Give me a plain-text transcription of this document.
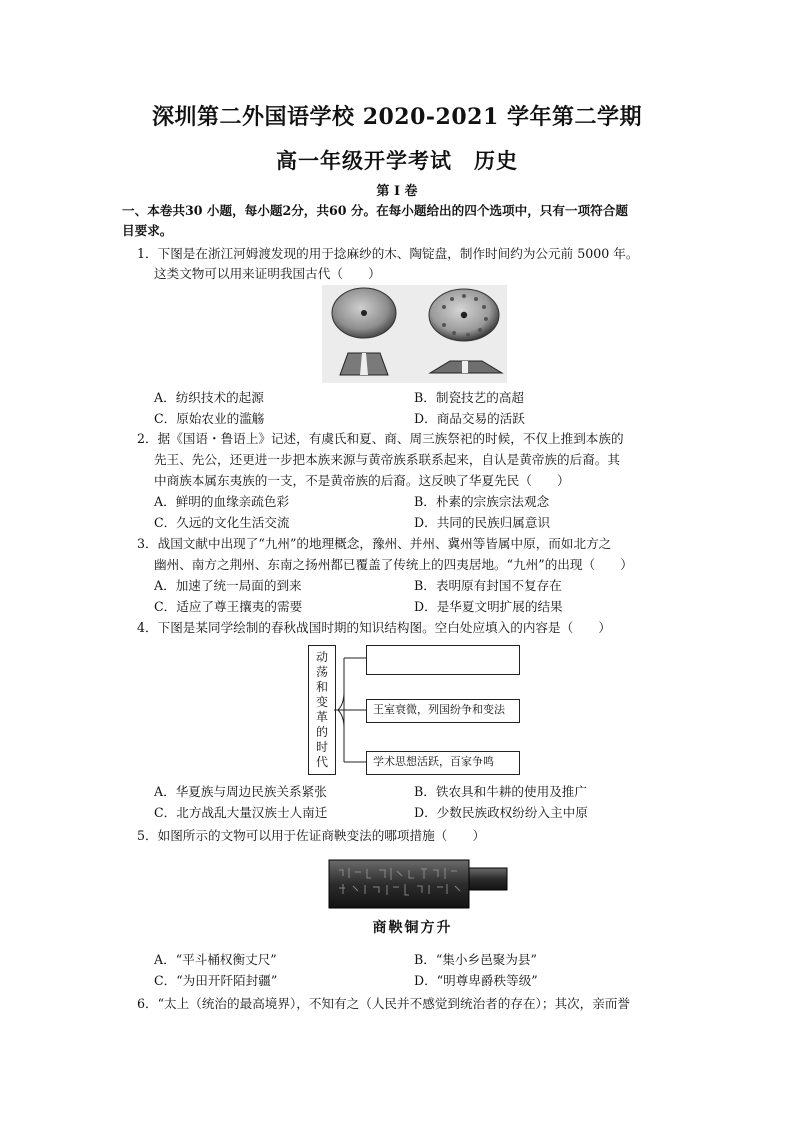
深圳第二外国语学校 2020-2021 学年第二学期
高一年级开学考试　历史
第 I 卷
一、本卷共30 小题，每小题2分，共60 分。在每小题给出的四个选项中，只有一项符合题
目要求。
1．下图是在浙江河姆渡发现的用于捻麻纱的木、陶锭盘，制作时间约为公元前 5000 年。
这类文物可以用来证明我国古代（　　）
A．纺织技术的起源	B．制瓷技艺的高超
C．原始农业的滥觞	D．商品交易的活跃
2．据《国语・鲁语上》记述，有虞氏和夏、商、周三族祭祀的时候，不仅上推到本族的
先王、先公，还更进一步把本族来源与黄帝族系联系起来，自认是黄帝族的后裔。其
中商族本属东夷族的一支，不是黄帝族的后裔。这反映了华夏先民（　　）
A．鲜明的血缘亲疏色彩	B．朴素的宗族宗法观念
C．久远的文化生活交流	D．共同的民族归属意识
3．战国文献中出现了“九州”的地理概念，豫州、并州、冀州等皆属中原，而如北方之
幽州、南方之荆州、东南之扬州都已覆盖了传统上的四夷居地。“九州”的出现（　　）
A．加速了统一局面的到来	B．表明原有封国不复存在
C．适应了尊王攘夷的需要	D．是华夏文明扩展的结果
4．下图是某同学绘制的春秋战国时期的知识结构图。空白处应填入的内容是（　　）
动
荡
和
变
革
的
时
代
王室衰微，列国纷争和变法
学术思想活跃，百家争鸣
A．华夏族与周边民族关系紧张	B．铁农具和牛耕的使用及推广
C．北方战乱大量汉族士人南迁	D．少数民族政权纷纷入主中原
5．如图所示的文物可以用于佐证商鞅变法的哪项措施（　　）
商鞅铜方升
A．“平斗桶权衡丈尺”	B．“集小乡邑聚为县”
C．“为田开阡陌封疆”	D．“明尊卑爵秩等级”
6．“太上（统治的最高境界），不知有之（人民并不感觉到统治者的存在）；其次，亲而誉
